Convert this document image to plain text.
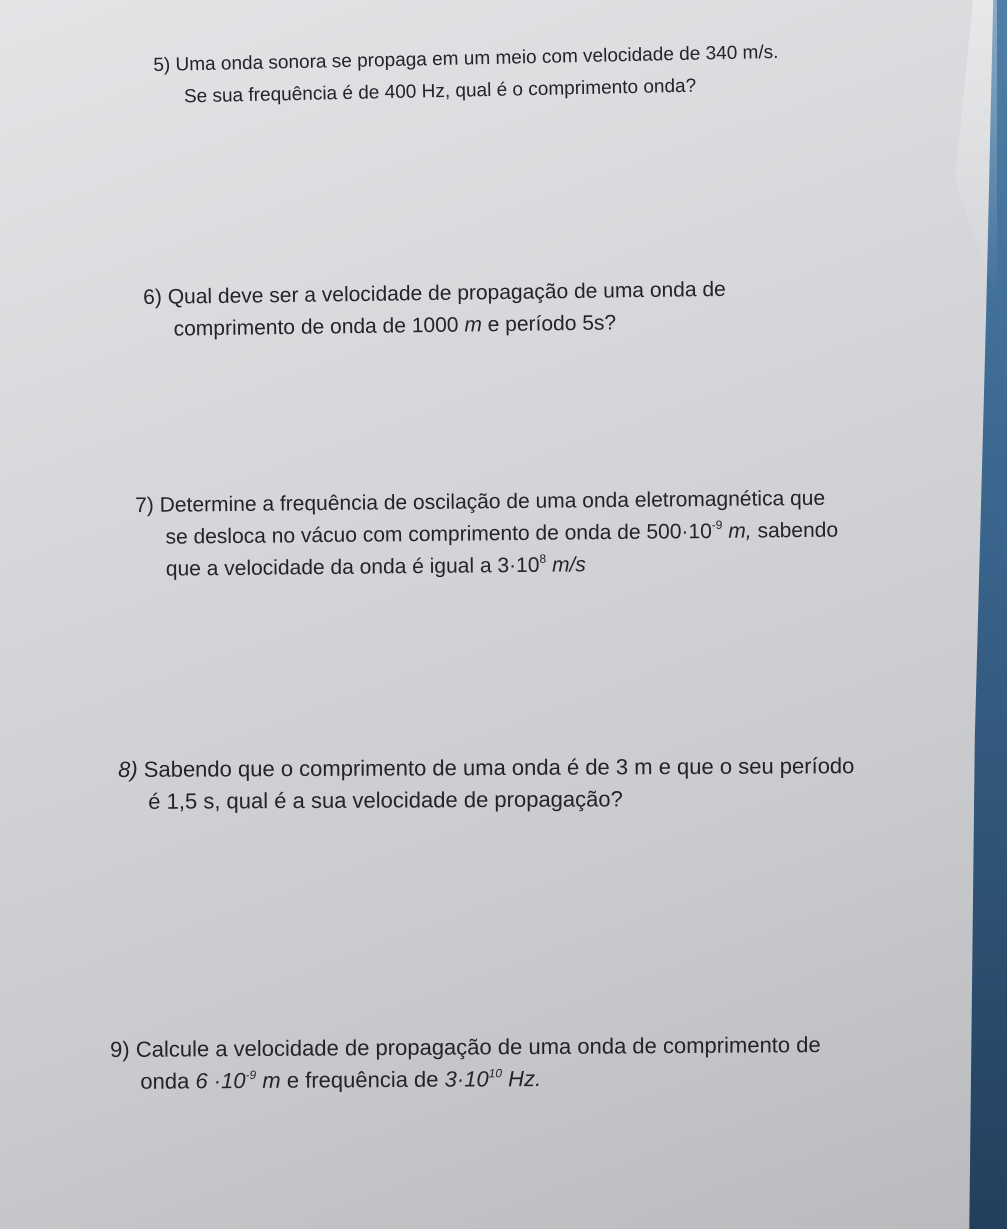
5) Uma onda sonora se propaga em um meio com velocidade de 340 m/s.
Se sua frequência é de 400 Hz, qual é o comprimento onda?
6) Qual deve ser a velocidade de propagação de uma onda de
comprimento de onda de 1000 m e período 5s?
7) Determine a frequência de oscilação de uma onda eletromagnética que
se desloca no vácuo com comprimento de onda de $500\cdot 10^{-9}$ m, sabendo
que a velocidade da onda é igual a $3\cdot 10^8$ m/s
8) Sabendo que o comprimento de uma onda é de 3 m e que o seu período
é 1,5 s, qual é a sua velocidade de propagação?
9) Calcule a velocidade de propagação de uma onda de comprimento de
onda $6 \cdot 10^{-9}$ m e frequência de $3\cdot 10^{10}$ Hz.
